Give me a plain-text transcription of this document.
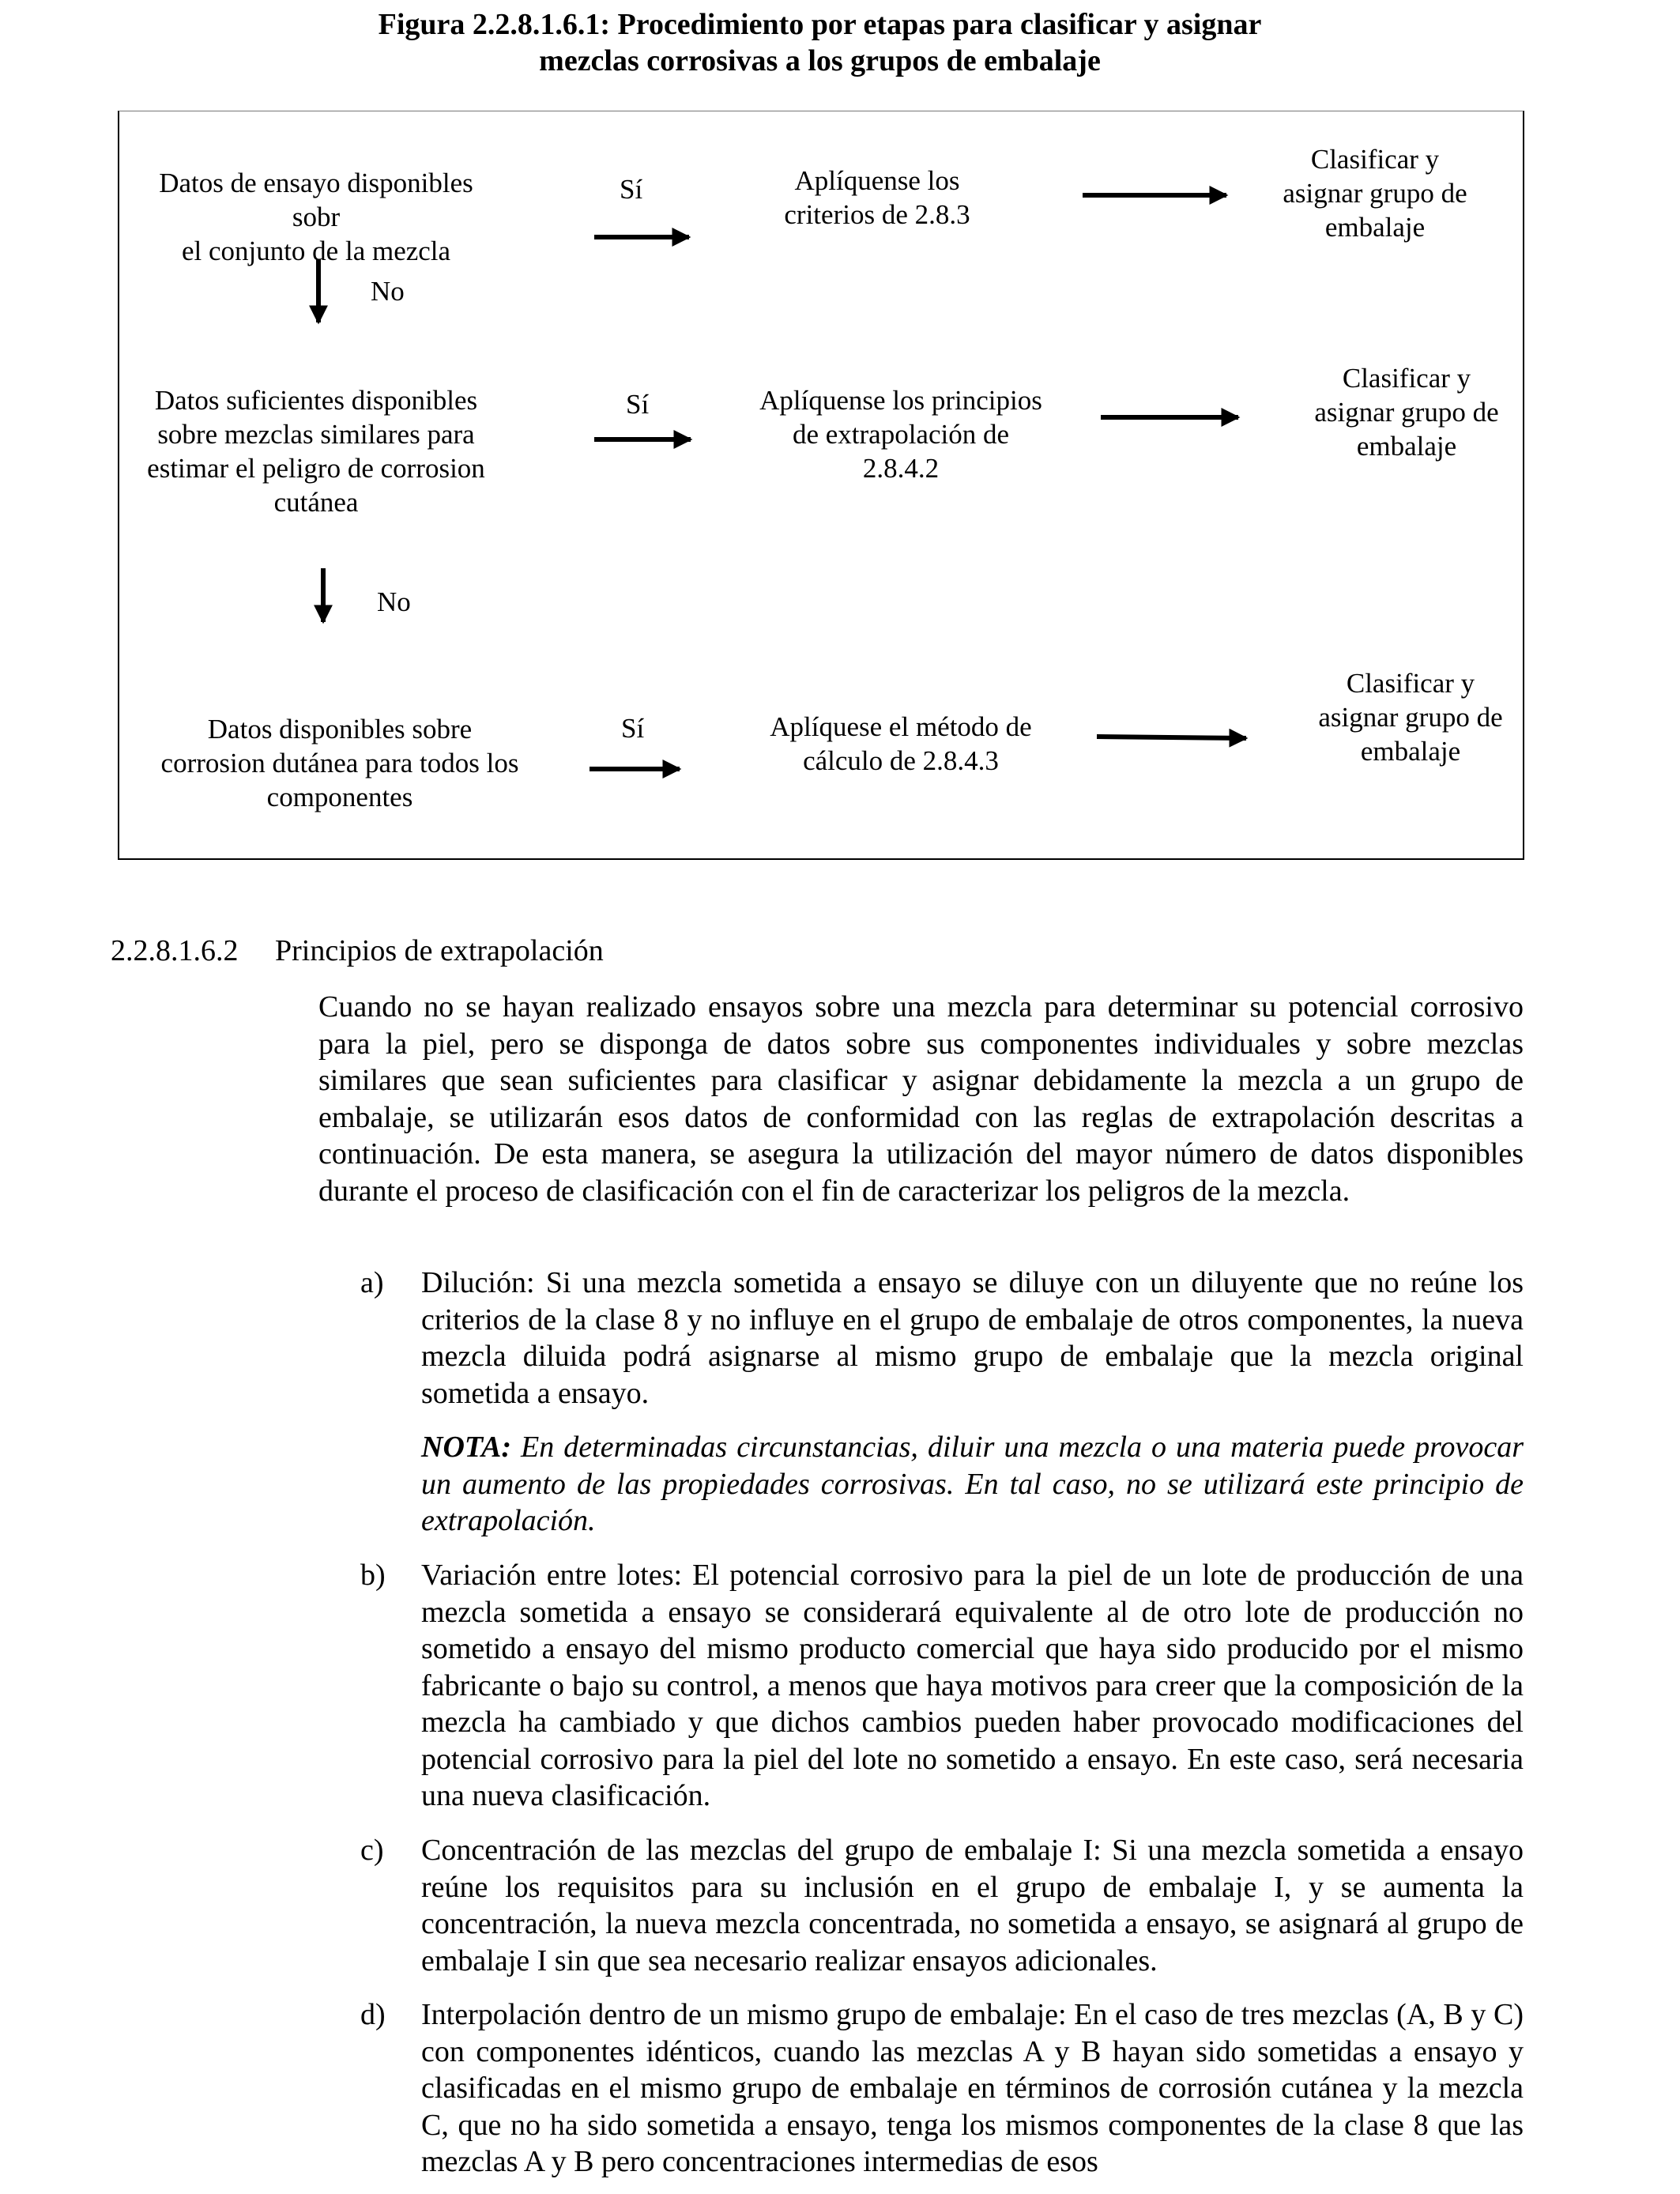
Figura 2.2.8.1.6.1: Procedimiento por etapas para clasificar y asignar
mezclas corrosivas a los grupos de embalaje
Datos de ensayo disponibles sobr
el conjunto de la mezcla
Sí	Aplíquense los
criterios de 2.8.3
Clasificar y
asignar grupo de
embalaje
No
Datos suficientes disponibles
sobre mezclas similares para
estimar el peligro de corrosion
cutánea
Sí	Aplíquense los principios
de extrapolación de
2.8.4.2
Clasificar y
asignar grupo de
embalaje
No
Datos disponibles sobre
corrosion dutánea para todos los
componentes
Sí	Aplíquese el método de
cálculo de 2.8.4.3
Clasificar y
asignar grupo de
embalaje
2.2.8.1.6.2 Principios de extrapolación
Cuando no se hayan realizado ensayos sobre una mezcla para determinar su potencial corrosivo para la piel, pero se disponga de datos sobre sus componentes individuales y sobre mezclas similares que sean suficientes para clasificar y asignar debidamente la mezcla a un grupo de embalaje, se utilizarán esos datos de conformidad con las reglas de extrapolación descritas a continuación. De esta manera, se asegura la utilización del mayor número de datos disponibles durante el proceso de clasificación con el fin de caracterizar los peligros de la mezcla.
a) Dilución: Si una mezcla sometida a ensayo se diluye con un diluyente que no reúne los criterios de la clase 8 y no influye en el grupo de embalaje de otros componentes, la nueva mezcla diluida podrá asignarse al mismo grupo de embalaje que la mezcla original sometida a ensayo.
NOTA: En determinadas circunstancias, diluir una mezcla o una materia puede provocar un aumento de las propiedades corrosivas. En tal caso, no se utilizará este principio de extrapolación.
b) Variación entre lotes: El potencial corrosivo para la piel de un lote de producción de una mezcla sometida a ensayo se considerará equivalente al de otro lote de producción no sometido a ensayo del mismo producto comercial que haya sido producido por el mismo fabricante o bajo su control, a menos que haya motivos para creer que la composición de la mezcla ha cambiado y que dichos cambios pueden haber provocado modificaciones del potencial corrosivo para la piel del lote no sometido a ensayo. En este caso, será necesaria una nueva clasificación.
c) Concentración de las mezclas del grupo de embalaje I: Si una mezcla sometida a ensayo reúne los requisitos para su inclusión en el grupo de embalaje I, y se aumenta la concentración, la nueva mezcla concentrada, no sometida a ensayo, se asignará al grupo de embalaje I sin que sea necesario realizar ensayos adicionales.
d) Interpolación dentro de un mismo grupo de embalaje: En el caso de tres mezclas (A, B y C) con componentes idénticos, cuando las mezclas A y B hayan sido sometidas a ensayo y clasificadas en el mismo grupo de embalaje en términos de corrosión cutánea y la mezcla C, que no ha sido sometida a ensayo, tenga los mismos componentes de la clase 8 que las mezclas A y B pero concentraciones intermedias de esos
